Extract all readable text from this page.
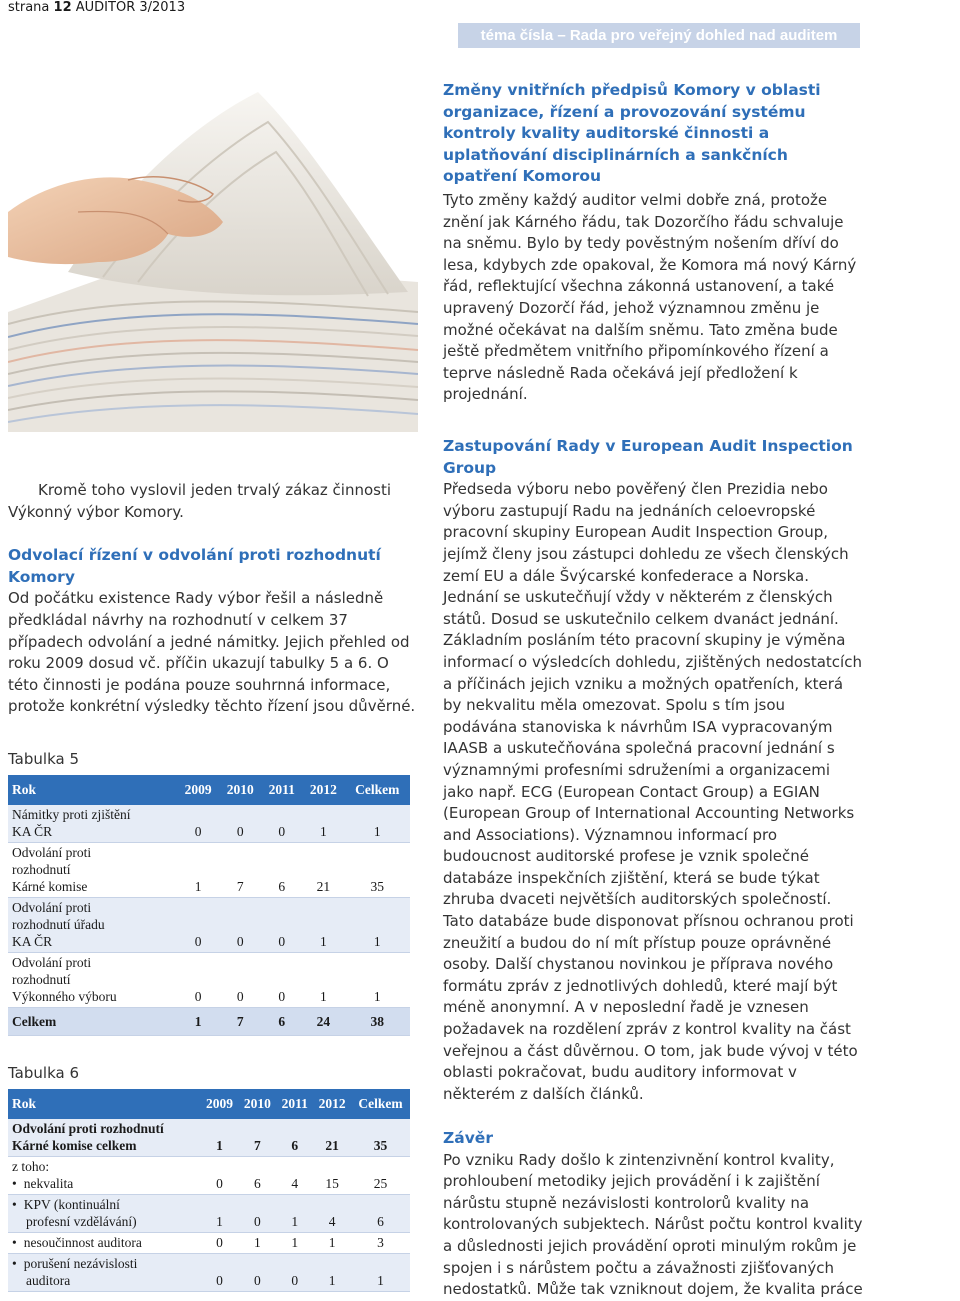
strana 12 AUDITOR 3/2013
téma čísla – Rada pro veřejný dohled nad auditem

Kromě toho vyslovil jeden trvalý zákaz činnosti Výkonný výbor Komory.

Odvolací řízení v odvolání proti rozhodnutí Komory

Od počátku existence Rady výbor řešil a následně předkládal návrhy na rozhodnutí v celkem 37 případech odvolání a jedné námitky. Jejich přehled od roku 2009 dosud vč. příčin ukazují tabulky 5 a 6. O této činnosti je podána pouze souhrnná informace, protože konkrétní výsledky těchto řízení jsou důvěrné.

Tabulka 5

Rok	2009	2010	2011	2012	Celkem
Námitky proti zjištění
KA ČR	0	0	0	1	1
Odvolání proti
rozhodnutí
Kárné komise	1	7	6	21	35
Odvolání proti
rozhodnutí úřadu
KA ČR	0	0	0	1	1
Odvolání proti
rozhodnutí
Výkonného výboru	0	0	0	1	1
Celkem	1	7	6	24	38

Tabulka 6

Rok	2009	2010	2011	2012	Celkem
Odvolání proti rozhodnutí
Kárné komise celkem	1	7	6	21	35
z toho:
• nekvalita	0	6	4	15	25
• KPV (kontinuální
profesní vzdělávání)	1	0	1	4	6
• nesoučinnost auditora	0	1	1	1	3
• porušení nezávislosti
auditora	0	0	0	1	1

Změny vnitřních předpisů Komory v oblasti organizace, řízení a provozování systému kontroly kvality auditorské činnosti a uplatňování disciplinárních a sankčních opatření Komorou

Tyto změny každý auditor velmi dobře zná, protože znění jak Kárného řádu, tak Dozorčího řádu schvaluje na sněmu. Bylo by tedy pověstným nošením dříví do lesa, kdybych zde opakoval, že Komora má nový Kárný řád, reflektující všechna zákonná ustanovení, a také upravený Dozorčí řád, jehož významnou změnu je možné očekávat na dalším sněmu. Tato změna bude ještě předmětem vnitřního připomínkového řízení a teprve následně Rada očekává její předložení k projednání.

Zastupování Rady v European Audit Inspection Group

Předseda výboru nebo pověřený člen Prezidia nebo výboru zastupují Radu na jednáních celoevropské pracovní skupiny European Audit Inspection Group, jejímž členy jsou zástupci dohledu ze všech členských zemí EU a dále Švýcarské konfederace a Norska. Jednání se uskutečňují vždy v některém z členských států. Dosud se uskutečnilo celkem dvanáct jednání. Základním posláním této pracovní skupiny je výměna informací o výsledcích dohledu, zjištěných nedostatcích a příčinách jejich vzniku a možných opatřeních, která by nekvalitu měla omezovat. Spolu s tím jsou podávána stanoviska k návrhům ISA vypracovaným IAASB a uskutečňována společná pracovní jednání s významnými profesními sdruženími a organizacemi jako např. ECG (European Contact Group) a EGIAN (European Group of International Accounting Networks and Associations). Významnou informací pro budoucnost auditorské profese je vznik společné databáze inspekčních zjištění, která se bude týkat zhruba dvaceti největších auditorských společností. Tato databáze bude disponovat přísnou ochranou proti zneužití a budou do ní mít přístup pouze oprávněné osoby. Další chystanou novinkou je příprava nového formátu zpráv z jednotlivých dohledů, které mají být méně anonymní. A v neposlední řadě je vznesen požadavek na rozdělení zpráv z kontrol kvality na část veřejnou a část důvěrnou. O tom, jak bude vývoj v této oblasti pokračovat, budu auditory informovat v některém z dalších článků.

Závěr

Po vzniku Rady došlo k zintenzivnění kontrol kvality, prohloubení metodiky jejich provádění i k zajištění nárůstu stupně nezávislosti kontrolorů kvality na kontrolovaných subjektech. Nárůst počtu kontrol kvality a důslednosti jejich provádění oproti minulým rokům je spojen i s nárůstem počtu a závažnosti zjišťovaných nedostatků. Může tak vzniknout dojem, že kvalita práce
